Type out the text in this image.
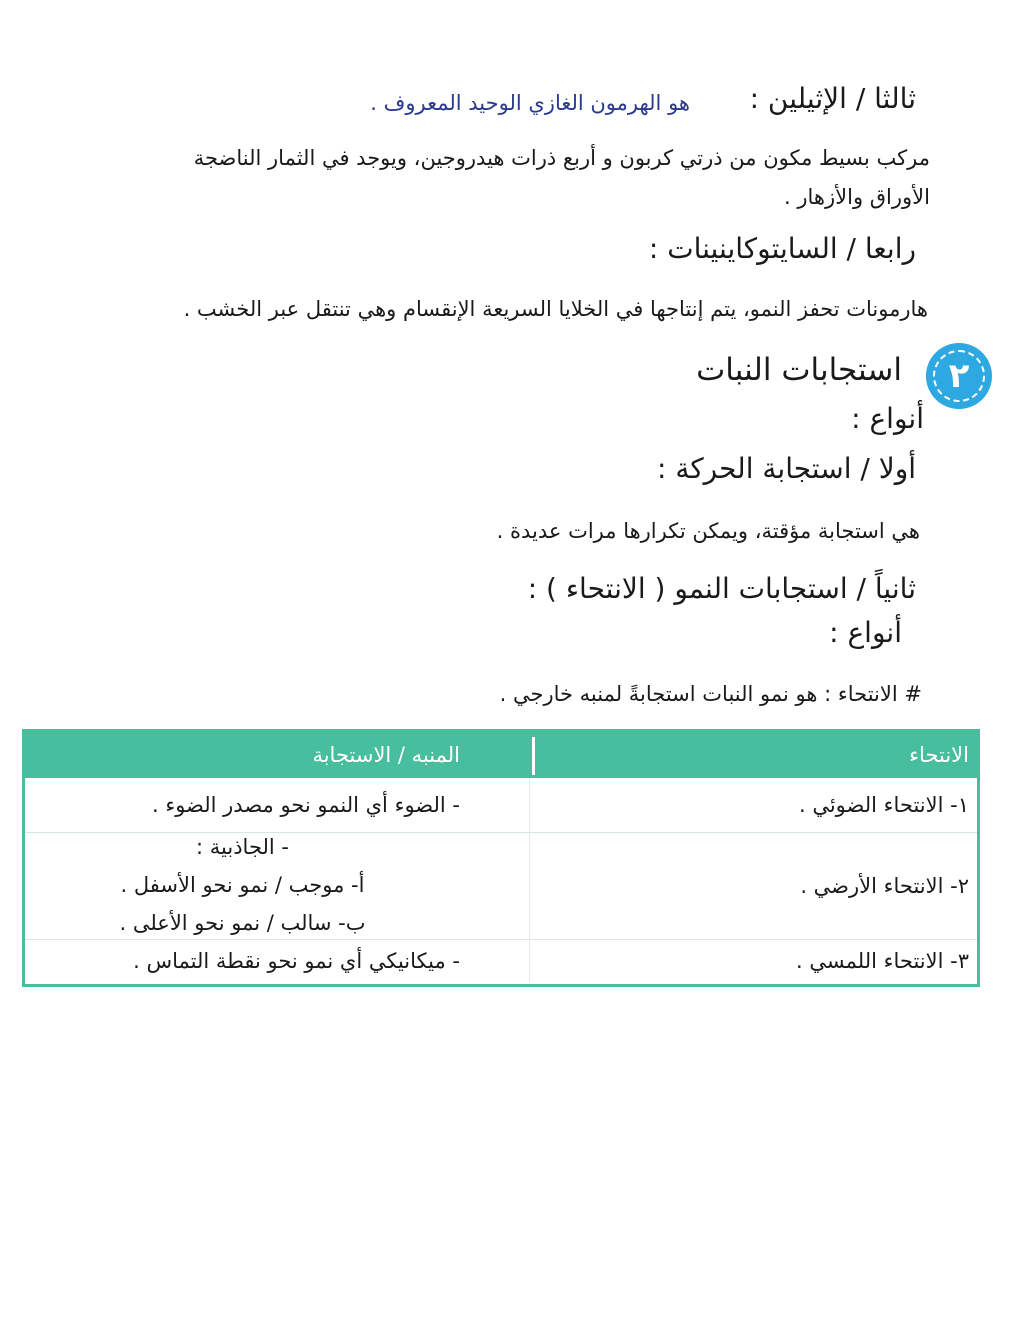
ثالثا / الإثيلين :
هو الهرمون الغازي الوحيد المعروف .
مركب بسيط مكون من ذرتي كربون و أربع ذرات هيدروجين، ويوجد في الثمار الناضجة
الأوراق والأزهار .
رابعا / السايتوكاينينات :
هارمونات تحفز النمو، يتم إنتاجها في الخلايا السريعة الإنقسام وهي تنتقل عبر الخشب .
٢
استجابات النبات
أنواع :
أولا / استجابة الحركة :
هي استجابة مؤقتة، ويمكن تكرارها مرات عديدة .
ثانياً / استجابات النمو ( الانتحاء ) :
أنواع :
# الانتحاء : هو نمو النبات استجابةً لمنبه خارجي .
الانتحاء
المنبه / الاستجابة
١- الانتحاء الضوئي .
- الضوء أي النمو نحو مصدر الضوء .
٢- الانتحاء الأرضي .
- الجاذبية :
أ- موجب / نمو نحو الأسفل .
ب- سالب / نمو نحو الأعلى .
٣- الانتحاء اللمسي .
- ميكانيكي أي نمو نحو نقطة التماس .
